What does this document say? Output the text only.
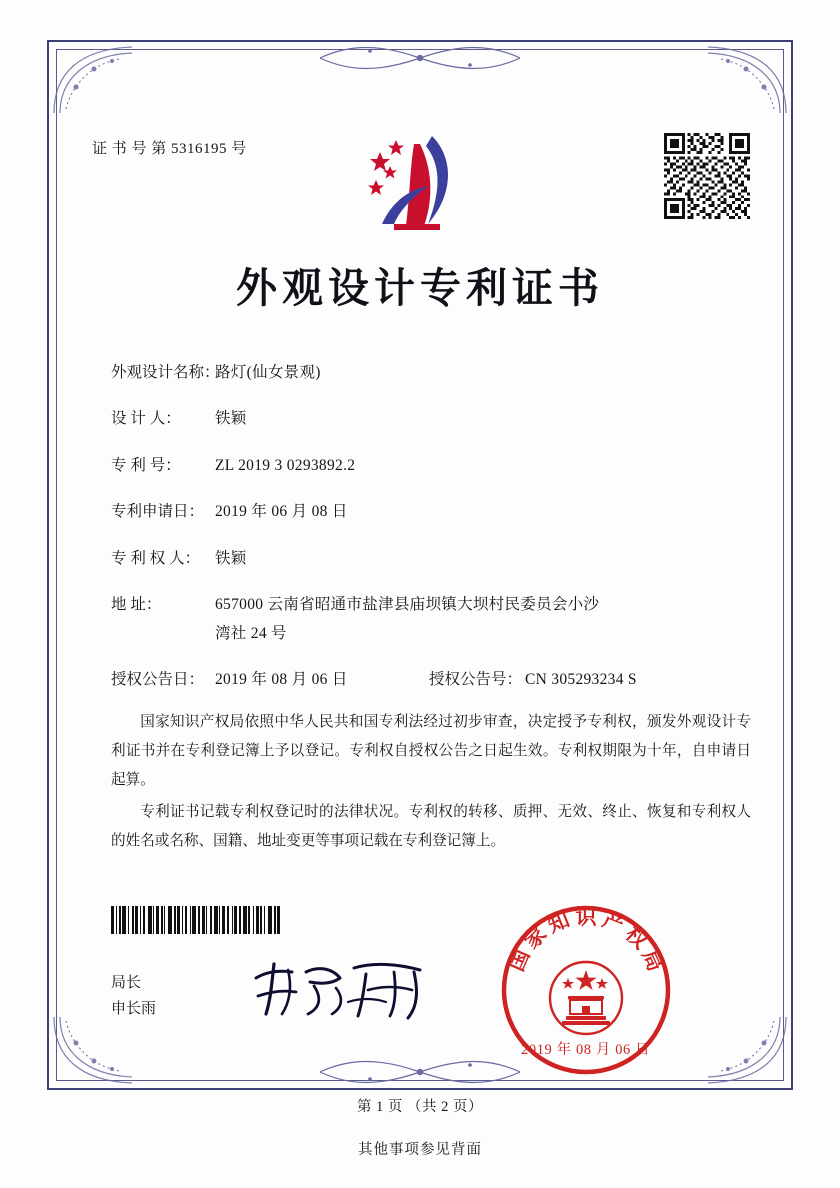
证 书 号 第 5316195 号
外观设计专利证书
外观设计名称：
路灯(仙女景观)
设 计 人：	铁颖
专 利 号：	ZL 2019 3 0293892.2
专利申请日： 2019 年 06 月 08 日
专 利 权 人： 铁颖
地 址：	657000 云南省昭通市盐津县庙坝镇大坝村民委员会小沙
湾社 24 号
授权公告日： 2019 年 08 月 06 日	授权公告号： CN 305293234 S

国家知识产权局依照中华人民共和国专利法经过初步审查，决定授予专利权，颁发外观设计专利证书并在专利登记簿上予以登记。专利权自授权公告之日起生效。专利权期限为十年，自申请日起算。

专利证书记载专利权登记时的法律状况。专利权的转移、质押、无效、终止、恢复和专利权人的姓名或名称、国籍、地址变更等事项记载在专利登记簿上。

局长
申长雨
国
家
知 识 产
权
局
2019 年 08 月 06 日
第 1 页 （共 2 页）
其他事项参见背面
